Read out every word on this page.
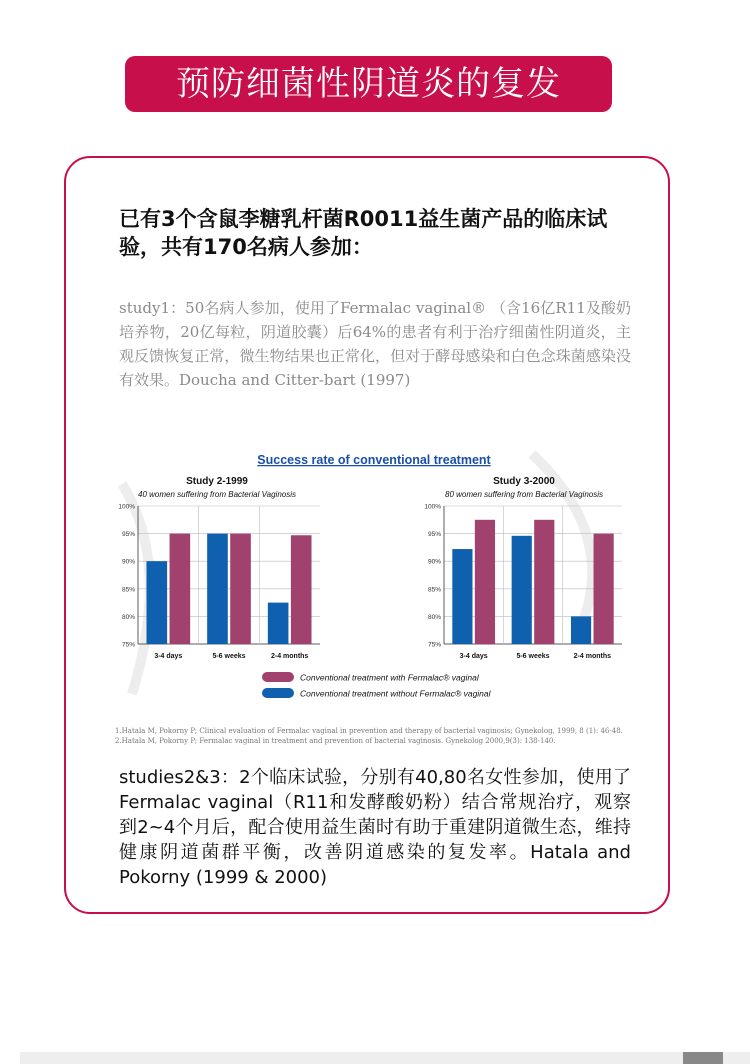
预防细菌性阴道炎的复发
已有3个含鼠李糖乳杆菌R0011益生菌产品的临床试验，共有170名病人参加：
study1：50名病人参加，使用了Fermalac vaginal® （含16亿R11及酸奶培养物，20亿每粒，阴道胶囊）后64%的患者有利于治疗细菌性阴道炎，主观反馈恢复正常，微生物结果也正常化，但对于酵母感染和白色念珠菌感染没有效果。Doucha and Citter-bart (1997)
Success rate of conventional treatment
Study 2-1999
40 women suffering from Bacterial Vaginosis
100%
95%
90%
85%
80%
75%
3-4 days	5-6 weeks	2-4 months
Study 3-2000
80 women suffering from Bacterial Vaginosis
100%
95%
90%
85%
80%
75%
3-4 days	5-6 weeks	2-4 months
Conventional treatment with Fermalac® vaginal
Conventional treatment without Fermalac® vaginal
1.Hatala M, Pokorny P; Clinical evaluation of Fermalac vaginal in prevention and therapy of bacterial vaginosis; Gynekolog, 1999, 8 (1): 46-48.
2.Hatala M, Pokorny P; Fermalac vaginal in treatment and prevention of bacterial vaginosis. Gynekolog 2000,9(3): 138-140.
studies2&3：2个临床试验，分别有40,80名女性参加，使用了Fermalac vaginal（R11和发酵酸奶粉）结合常规治疗，观察到2~4个月后，配合使用益生菌时有助于重建阴道微生态，维持健康阴道菌群平衡，改善阴道感染的复发率。Hatala and Pokorny (1999 & 2000)
